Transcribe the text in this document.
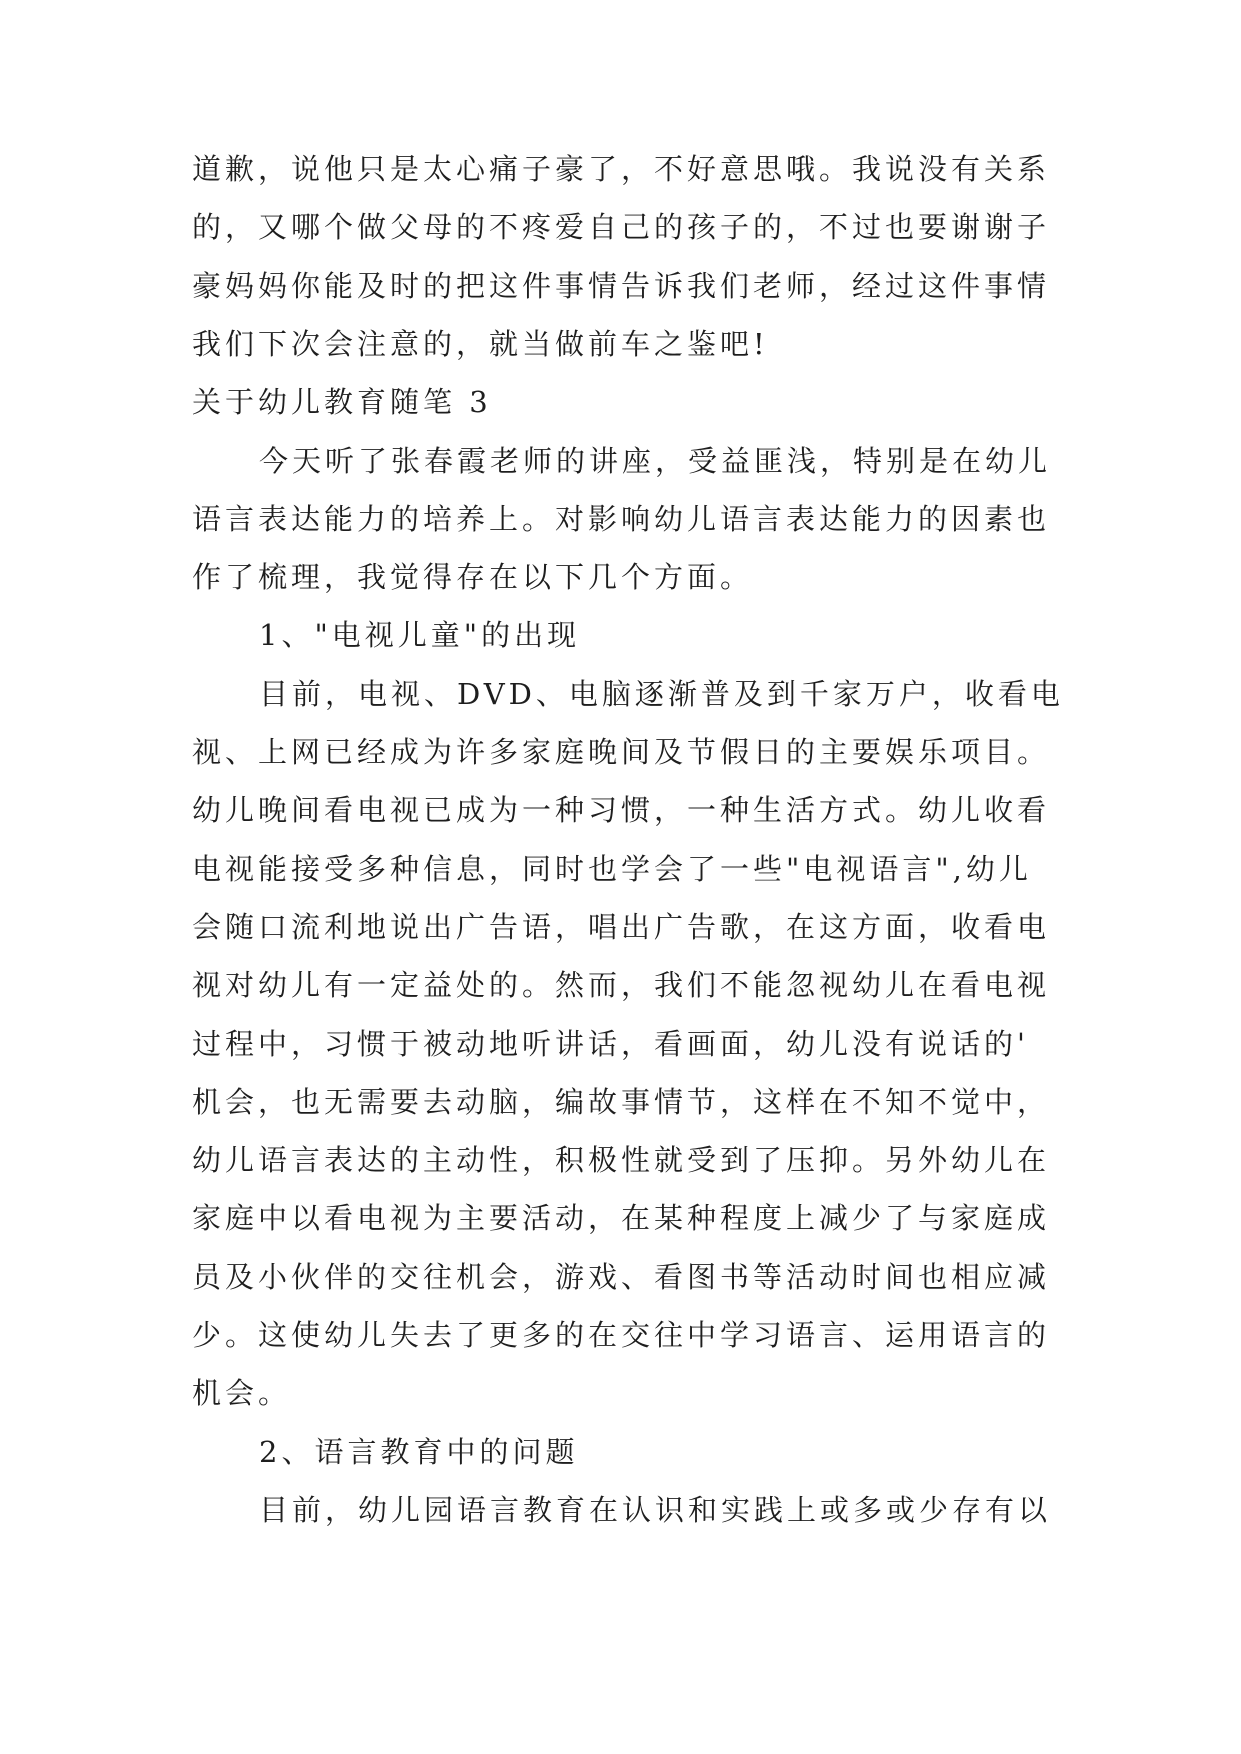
道歉，说他只是太心痛子豪了，不好意思哦。我说没有关系
的，又哪个做父母的不疼爱自己的孩子的，不过也要谢谢子
豪妈妈你能及时的把这件事情告诉我们老师，经过这件事情
我们下次会注意的，就当做前车之鉴吧!
关于幼儿教育随笔 3
今天听了张春霞老师的讲座，受益匪浅，特别是在幼儿
语言表达能力的培养上。对影响幼儿语言表达能力的因素也
作了梳理，我觉得存在以下几个方面。
1、"电视儿童"的出现
目前，电视、DVD、电脑逐渐普及到千家万户，收看电
视、上网已经成为许多家庭晚间及节假日的主要娱乐项目。
幼儿晚间看电视已成为一种习惯，一种生活方式。幼儿收看
电视能接受多种信息，同时也学会了一些"电视语言",幼儿
会随口流利地说出广告语，唱出广告歌，在这方面，收看电
视对幼儿有一定益处的。然而，我们不能忽视幼儿在看电视
过程中，习惯于被动地听讲话，看画面，幼儿没有说话的'
机会，也无需要去动脑，编故事情节，这样在不知不觉中，
幼儿语言表达的主动性，积极性就受到了压抑。另外幼儿在
家庭中以看电视为主要活动，在某种程度上减少了与家庭成
员及小伙伴的交往机会，游戏、看图书等活动时间也相应减
少。这使幼儿失去了更多的在交往中学习语言、运用语言的
机会。
2、语言教育中的问题
目前，幼儿园语言教育在认识和实践上或多或少存有以
